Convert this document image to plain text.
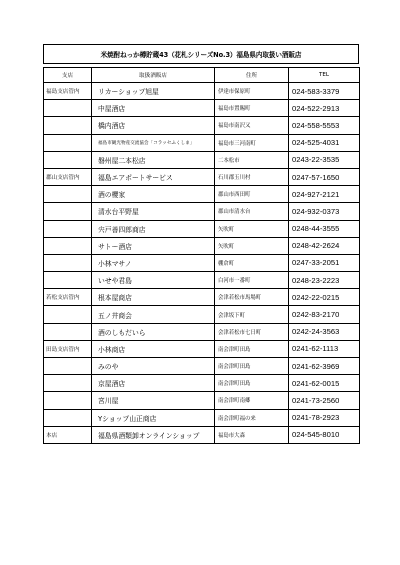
米焼酎ねっか樽貯蔵43（花札シリーズNo.3）福島県内取扱い酒販店
支店	取扱酒販店	住所	TEL
福島支店管内	リカーショップ旭屋	伊達市保原町	024-583-3379
	中屋酒店	福島市置賜町	024-522-2913
	橋内酒店	福島市南沢又	024-558-5553
	福島市観光物産交流協会「コラッセふくしま」	福島市三河南町	024-525-4031
	磐州屋二本松店	二本松市	0243-22-3535
郡山支店管内	福島エアポートサービス	石川郡玉川村	0247-57-1650
	酒の櫻家	郡山市西田町	024-927-2121
	清水台平野屋	郡山市清水台	024-932-0373
	宍戸善四郎商店	矢吹町	0248-44-3555
	サトー酒店	矢吹町	0248-42-2624
	小林マサノ	棚倉町	0247-33-2051
	いせや君島	白河市一番町	0248-23-2223
若松支店管内	根本屋商店	会津若松市馬場町	0242-22-0215
	五ノ井商会	会津坂下町	0242-83-2170
	酒のしもだいら	会津若松市七日町	0242-24-3563
田島支店管内	小林商店	南会津町田島	0241-62-1113
	みのや	南会津町田島	0241-62-3969
	京屋酒店	南会津町田島	0241-62-0015
	宮川屋	南会津町南郷	0241-73-2560
	Yショップ山正商店	南会津町福の来	0241-78-2923
本店	福島県酒類卸オンラインショップ	福島市大森	024-545-8010
